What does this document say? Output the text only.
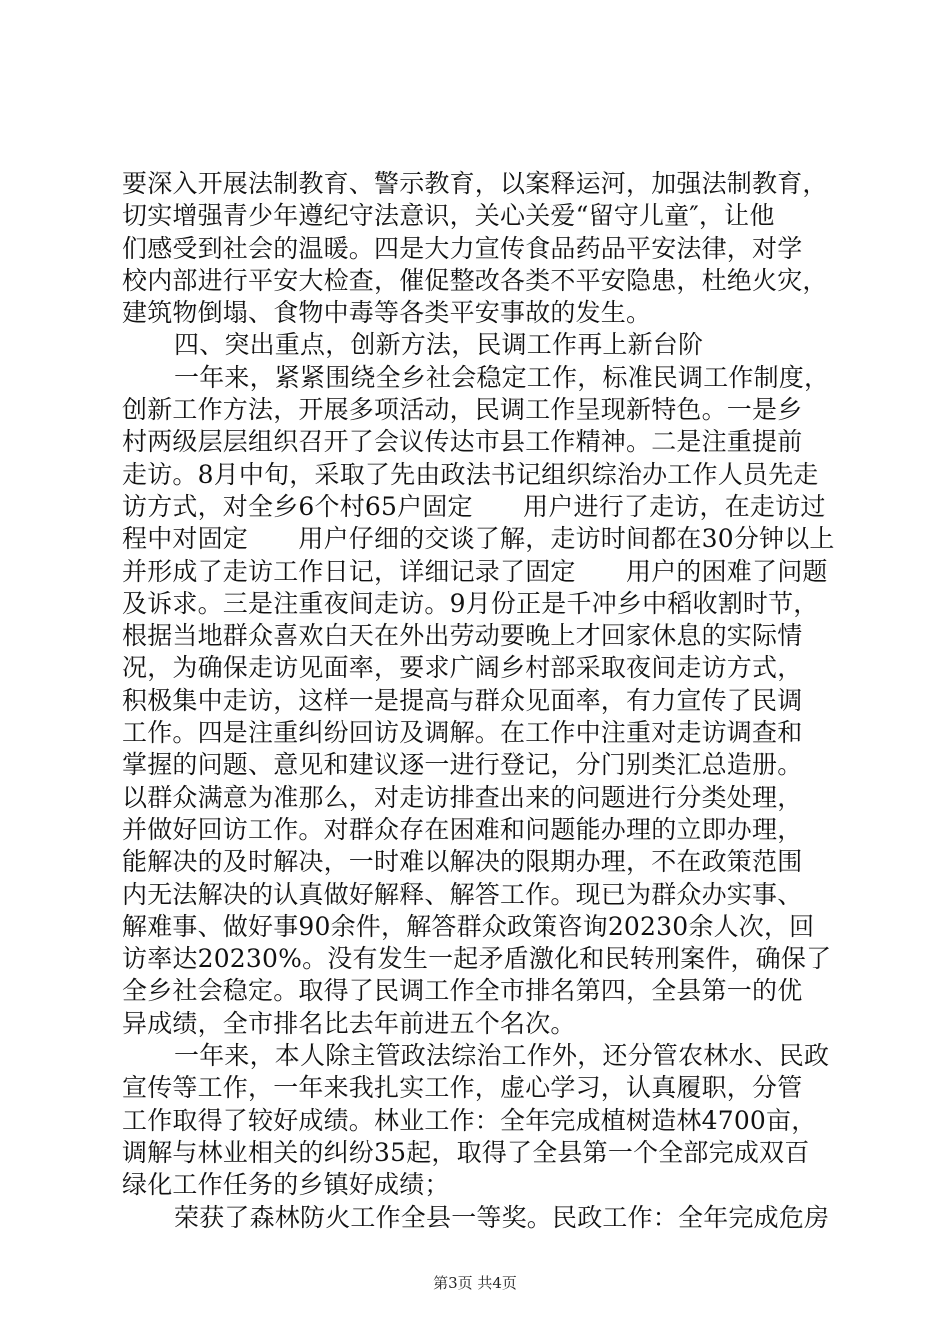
要深入开展法制教育、警示教育，以案释运河，加强法制教育，
切实增强青少年遵纪守法意识，关心关爱“留守儿童″，让他
们感受到社会的温暖。四是大力宣传食品药品平安法律，对学
校内部进行平安大检查，催促整改各类不平安隐患，杜绝火灾，
建筑物倒塌、食物中毒等各类平安事故的发生。
四、突出重点，创新方法，民调工作再上新台阶
一年来，紧紧围绕全乡社会稳定工作，标准民调工作制度，
创新工作方法，开展多项活动，民调工作呈现新特色。一是乡
村两级层层组织召开了会议传达市县工作精神。二是注重提前
走访。8月中旬，采取了先由政法书记组织综治办工作人员先走
访方式，对全乡6个村65户固定　　用户进行了走访，在走访过
程中对固定　　用户仔细的交谈了解，走访时间都在30分钟以上
并形成了走访工作日记，详细记录了固定　　用户的困难了问题
及诉求。三是注重夜间走访。9月份正是千冲乡中稻收割时节，
根据当地群众喜欢白天在外出劳动要晚上才回家休息的实际情
况，为确保走访见面率，要求广阔乡村部采取夜间走访方式，
积极集中走访，这样一是提高与群众见面率，有力宣传了民调
工作。四是注重纠纷回访及调解。在工作中注重对走访调查和
掌握的问题、意见和建议逐一进行登记，分门别类汇总造册。
以群众满意为准那么，对走访排查出来的问题进行分类处理，
并做好回访工作。对群众存在困难和问题能办理的立即办理，
能解决的及时解决，一时难以解决的限期办理，不在政策范围
内无法解决的认真做好解释、解答工作。现已为群众办实事、
解难事、做好事90余件，解答群众政策咨询20230余人次，回
访率达20230%。没有发生一起矛盾激化和民转刑案件，确保了
全乡社会稳定。取得了民调工作全市排名第四，全县第一的优
异成绩，全市排名比去年前进五个名次。
一年来，本人除主管政法综治工作外，还分管农林水、民政
宣传等工作，一年来我扎实工作，虚心学习，认真履职，分管
工作取得了较好成绩。林业工作：全年完成植树造林4700亩，
调解与林业相关的纠纷35起，取得了全县第一个全部完成双百
绿化工作任务的乡镇好成绩；
荣获了森林防火工作全县一等奖。民政工作：全年完成危房
第3页 共4页
